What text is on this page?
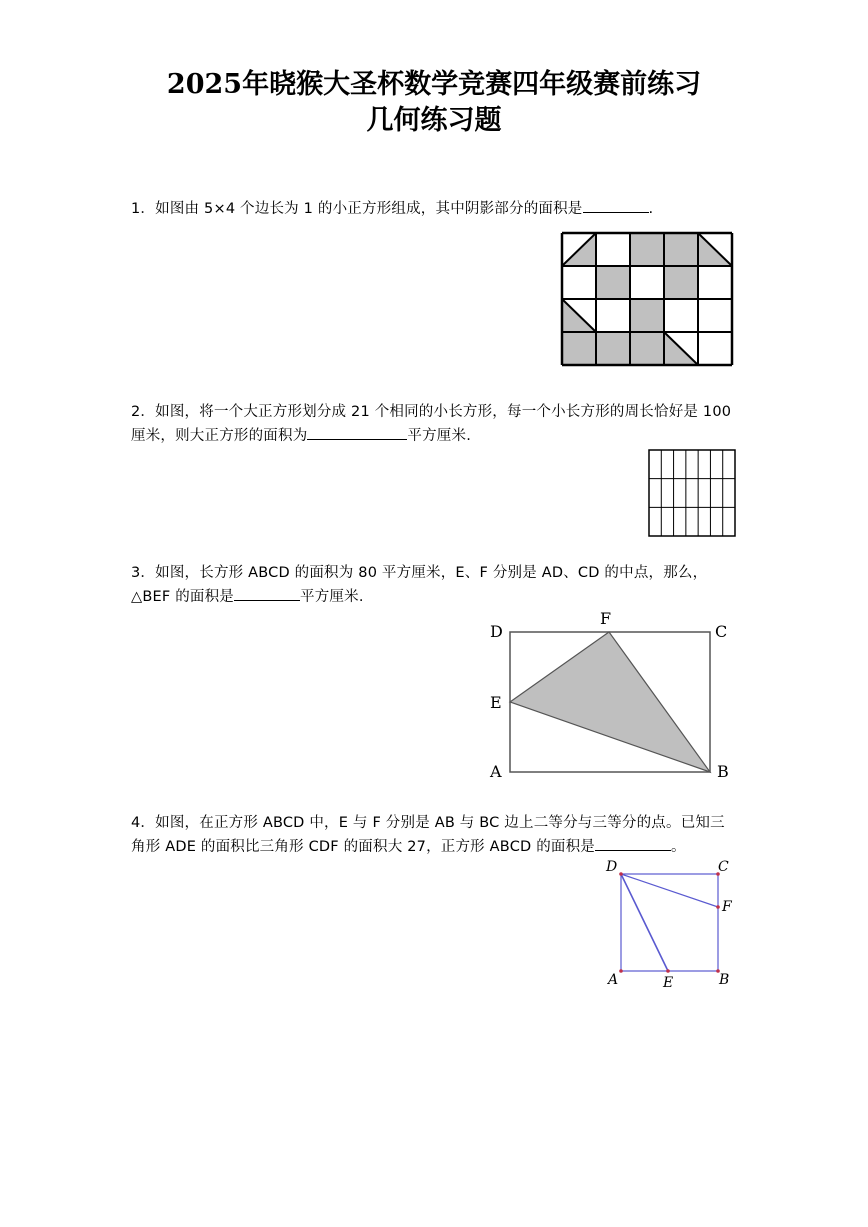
2025年晓猴大圣杯数学竞赛四年级赛前练习
几何练习题
1．如图由 5×4 个边长为 1 的小正方形组成，其中阴影部分的面积是	.
2．如图，将一个大正方形划分成 21 个相同的小长方形，每一个小长方形的周长恰好是 100 厘米，则大正方形的面积为	平方厘米.
3．如图，长方形 ABCD 的面积为 80 平方厘米，E、F 分别是 AD、CD 的中点，那么，△BEF 的面积是	平方厘米.
D
F
C
E
A	B
4．如图，在正方形 ABCD 中，E 与 F 分别是 AB 与 BC 边上二等分与三等分的点。已知三角形 ADE 的面积比三角形 CDF 的面积大 27，正方形 ABCD 的面积是	。
D	C
F
A	E	B
